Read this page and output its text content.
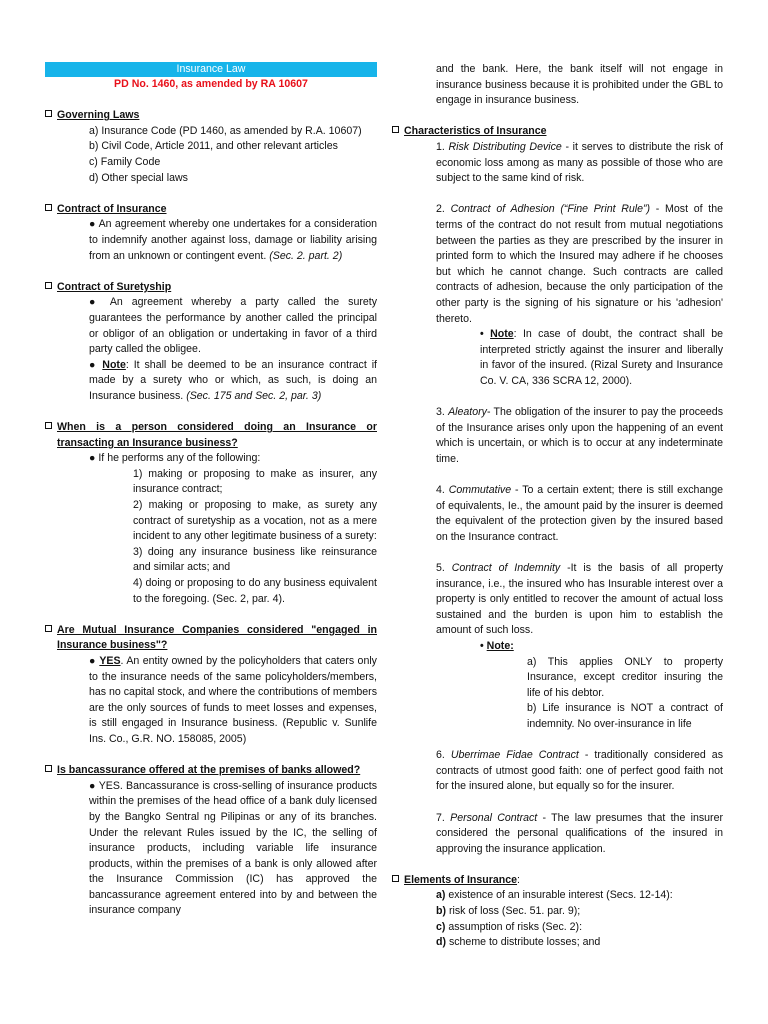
Insurance Law
PD No. 1460, as amended by RA 10607
Governing Laws

a) Insurance Code (PD 1460, as amended by R.A. 10607)

b) Civil Code, Article 2011, and other relevant articles

c) Family Code

d) Other special laws

Contract of Insurance

● An agreement whereby one undertakes for a consideration to indemnify another against loss, damage or liability arising from an unknown or contingent event. (Sec. 2. part. 2)

Contract of Suretyship

● An agreement whereby a party called the surety guarantees the performance by another called the principal or obligor of an obligation or undertaking in favor of a third party called the obligee.

● Note: It shall be deemed to be an insurance contract if made by a surety who or which, as such, is doing an Insurance business. (Sec. 175 and Sec. 2, par. 3)

When is a person considered doing an Insurance or transacting an Insurance business?

● If he performs any of the following:

1) making or proposing to make as insurer, any insurance contract;

2) making or proposing to make, as surety any contract of suretyship as a vocation, not as a mere incident to any other legitimate business of a surety:

3) doing any insurance business like reinsurance and similar acts; and

4) doing or proposing to do any business equivalent to the foregoing. (Sec. 2, par. 4).

Are Mutual Insurance Companies considered "engaged in Insurance business"?

● YES. An entity owned by the policyholders that caters only to the insurance needs of the same policyholders/members, has no capital stock, and where the contributions of members are the only sources of funds to meet losses and expenses, is still engaged in Insurance business. (Republic v. Sunlife Ins. Co., G.R. NO. 158085, 2005)

Is bancassurance offered at the premises of banks allowed?

● YES. Bancassurance is cross-selling of insurance products within the premises of the head office of a bank duly licensed by the Bangko Sentral ng Pilipinas or any of its branches. Under the relevant Rules issued by the IC, the selling of insurance products, including variable life insurance products, within the premises of a bank is only allowed after the Insurance Commission (IC) has approved the bancassurance agreement entered into by and between the insurance company

and the bank. Here, the bank itself will not engage in insurance business because it is prohibited under the GBL to engage in insurance business.

Characteristics of Insurance

1. Risk Distributing Device - it serves to distribute the risk of economic loss among as many as possible of those who are subject to the same kind of risk.

2. Contract of Adhesion (“Fine Print Rule”) - Most of the terms of the contract do not result from mutual negotiations between the parties as they are prescribed by the insurer in printed form to which the Insured may adhere if he chooses but which he cannot change. Such contracts are called contracts of adhesion, because the only participation of the other party is the signing of his signature or his 'adhesion' thereto.

• Note: In case of doubt, the contract shall be interpreted strictly against the insurer and liberally in favor of the insured. (Rizal Surety and Insurance Co. V. CA, 336 SCRA 12, 2000).

3. Aleatory- The obligation of the insurer to pay the proceeds of the Insurance arises only upon the happening of an event which is uncertain, or which is to occur at any indeterminate time.

4. Commutative - To a certain extent; there is still exchange of equivalents, Ie., the amount paid by the insurer is deemed the equivalent of the protection given by the insured based on the Insurance contract.

5. Contract of Indemnity -It is the basis of all property insurance, i.e., the insured who has Insurable interest over a property is only entitled to recover the amount of actual loss sustained and the burden is upon him to establish the amount of such loss.

• Note:

a) This applies ONLY to property Insurance, except creditor insuring the life of his debtor.

b) Life insurance is NOT a contract of indemnity. No over-insurance in life

6. Uberrimae Fidae Contract - traditionally considered as contracts of utmost good faith: one of perfect good faith not for the insured alone, but equally so for the insurer.

7. Personal Contract - The law presumes that the insurer considered the personal qualifications of the insured in approving the insurance application.

Elements of Insurance :

a) existence of an insurable interest (Secs. 12-14):

b) risk of loss (Sec. 51. par. 9);

c) assumption of risks (Sec. 2):

d) scheme to distribute losses; and
